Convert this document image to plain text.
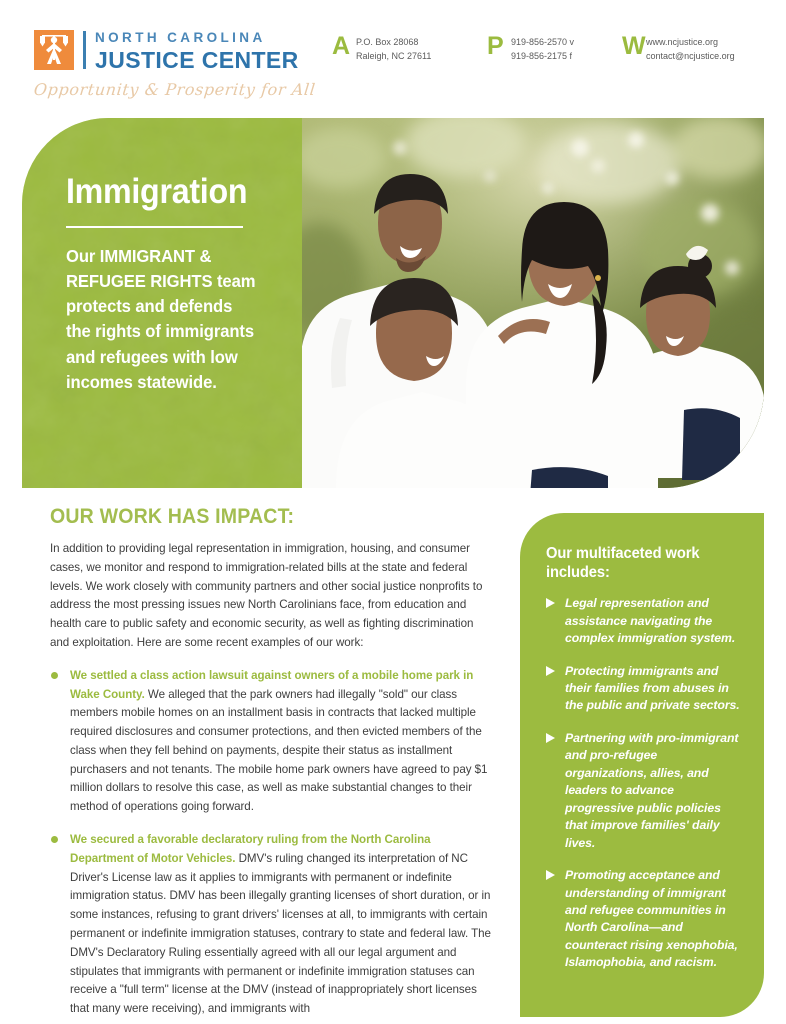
NORTH CAROLINA
JUSTICE CENTER
Opportunity & Prosperity for All
A P.O. Box 28068
Raleigh, NC 27611 P 919-856-2570 v
919-856-2175 f W www.ncjustice.org
contact@ncjustice.org
Immigration
Our IMMIGRANT & REFUGEE RIGHTS team protects and defends the rights of immigrants and refugees with low incomes statewide.
OUR WORK HAS IMPACT:
In addition to providing legal representation in immigration, housing, and consumer cases, we monitor and respond to immigration-related bills at the state and federal levels. We work closely with community partners and other social justice nonprofits to address the most pressing issues new North Carolinians face, from education and health care to public safety and economic security, as well as fighting discrimination and exploitation. Here are some recent examples of our work:
We settled a class action lawsuit against owners of a mobile home park in Wake County. We alleged that the park owners had illegally "sold" our class members mobile homes on an installment basis in contracts that lacked multiple required disclosures and consumer protections, and then evicted members of the class when they fell behind on payments, despite their status as installment purchasers and not tenants. The mobile home park owners have agreed to pay $1 million dollars to resolve this case, as well as make substantial changes to their method of operations going forward.
We secured a favorable declaratory ruling from the North Carolina Department of Motor Vehicles. DMV's ruling changed its interpretation of NC Driver's License law as it applies to immigrants with permanent or indefinite immigration status. DMV has been illegally granting licenses of short duration, or in some instances, refusing to grant drivers' licenses at all, to immigrants with certain permanent or indefinite immigration statuses, contrary to state and federal law. The DMV's Declaratory Ruling essentially agreed with all our legal argument and stipulates that immigrants with permanent or indefinite immigration statuses can receive a "full term" license at the DMV (instead of inappropriately short licenses that many were receiving), and immigrants with
Our multifaceted work includes:
Legal representation and assistance navigating the complex immigration system.
Protecting immigrants and their families from abuses in the public and private sectors.
Partnering with pro-immigrant and pro-refugee organizations, allies, and leaders to advance progressive public policies that improve families' daily lives.
Promoting acceptance and understanding of immigrant and refugee communities in North Carolina—and counteract rising xenophobia, Islamophobia, and racism.
